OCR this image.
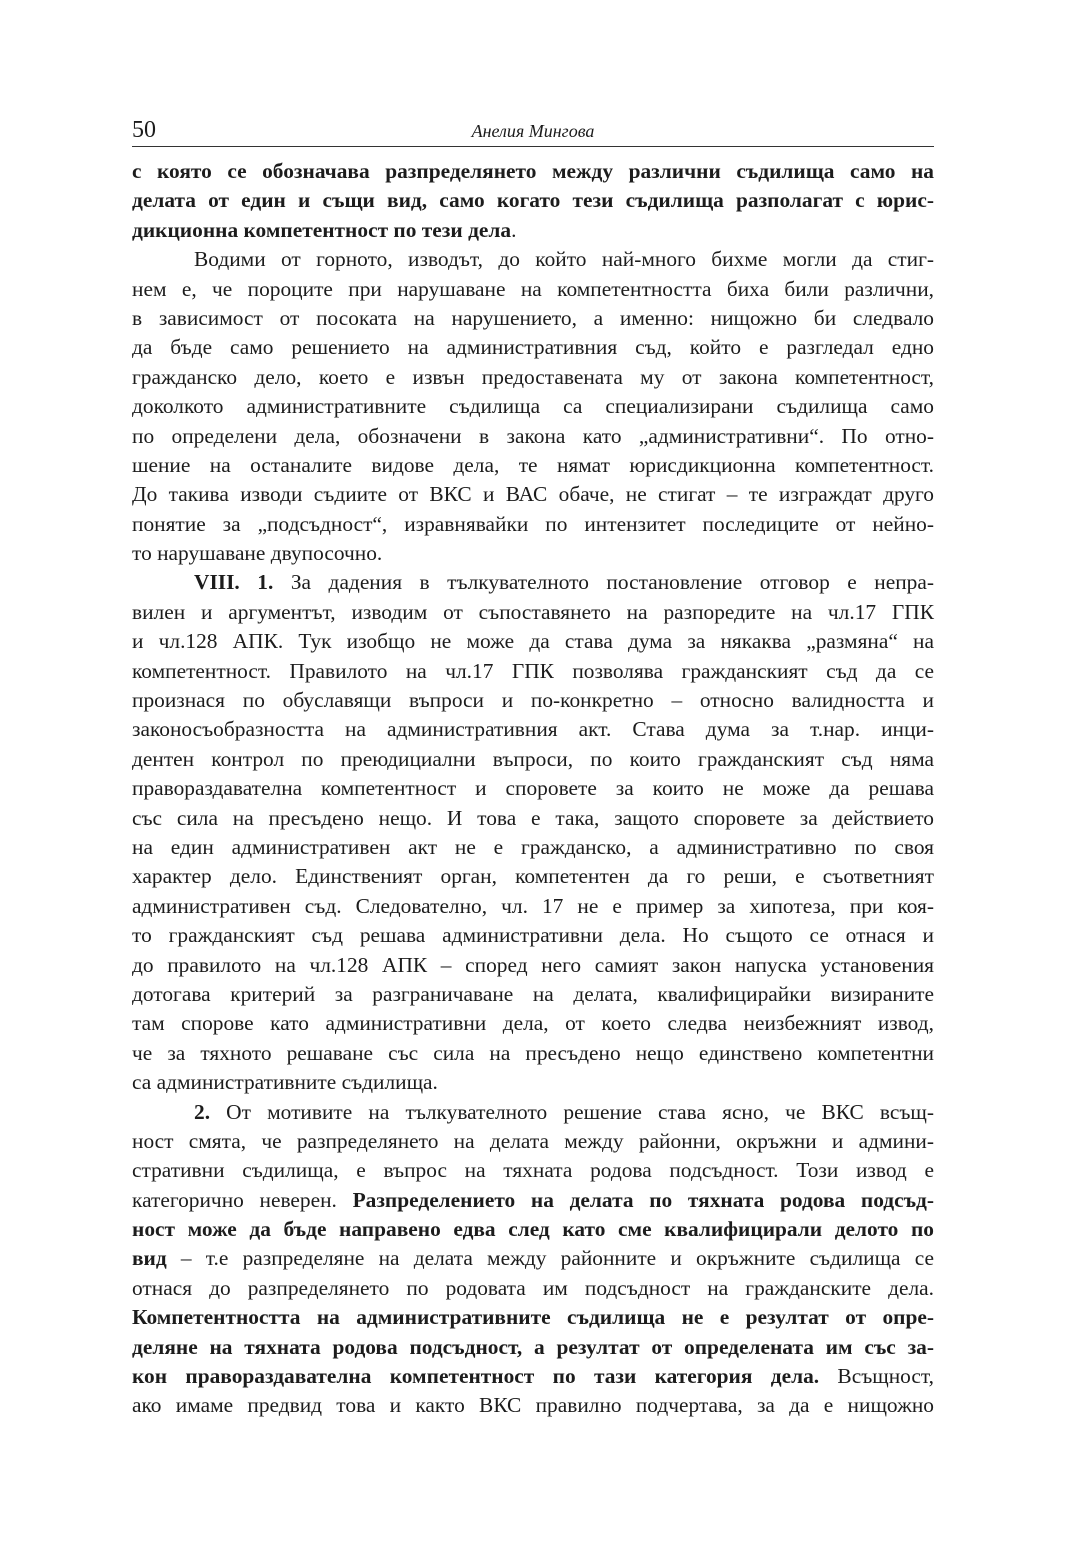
50	Анелия Мингова
с която се обозначава разпределянето между различни съдилища само на
делата от един и същи вид, само когато тези съдилища разполагат с юрис-
дикционна компетентност по тези дела.
Водими от горното, изводът, до който най-много бихме могли да стиг-
нем е, че пороците при нарушаване на компетентността биха били различни,
в зависимост от посоката на нарушението, а именно: нищожно би следвало
да бъде само решението на административния съд, който е разгледал едно
гражданско дело, което е извън предоставената му от закона компетентност,
доколкото административните съдилища са специализирани съдилища само
по определени дела, обозначени в закона като „административни“. По отно-
шение на останалите видове дела, те нямат юрисдикционна компетентност.
До такива изводи съдиите от ВКС и ВАС обаче, не стигат – те изграждат друго
понятие за „подсъдност“, изравнявайки по интензитет последиците от нейно-
то нарушаване двупосочно.
VIII. 1. За дадения в тълкувателното постановление отговор е непра-
вилен и аргументът, изводим от съпоставянето на разпоредите на чл.17 ГПК
и чл.128 АПК. Тук изобщо не може да става дума за някаква „размяна“ на
компетентност. Правилото на чл.17 ГПК позволява гражданският съд да се
произнася по обуславящи въпроси и по-конкретно – относно валидността и
законосъобразността на административния акт. Става дума за т.нар. инци-
дентен контрол по преюдициални въпроси, по които гражданският съд няма
правораздавателна компетентност и споровете за които не може да решава
със сила на пресъдено нещо. И това е така, защото споровете за действието
на един административен акт не е гражданско, а административно по своя
характер дело. Единственият орган, компетентен да го реши, е съответният
административен съд. Следователно, чл. 17 не е пример за хипотеза, при коя-
то гражданският съд решава административни дела. Но същото се отнася и
до правилото на чл.128 АПК – според него самият закон напуска установения
дотогава критерий за разграничаване на делата, квалифицирайки визираните
там спорове като административни дела, от което следва неизбежният извод,
че за тяхното решаване със сила на пресъдено нещо единствено компетентни
са административните съдилища.
2. От мотивите на тълкувателното решение става ясно, че ВКС всъщ-
ност смята, че разпределянето на делата между районни, окръжни и админи-
стративни съдилища, е въпрос на тяхната родова подсъдност. Този извод е
категорично неверен. Разпределението на делата по тяхната родова подсъд-
ност може да бъде направено едва след като сме квалифицирали делото по
вид – т.е разпределяне на делата между районните и окръжните съдилища се
отнася до разпределянето по родовата им подсъдност на гражданските дела.
Компетентността на административните съдилища не е резултат от опре-
деляне на тяхната родова подсъдност, а резултат от определената им със за-
кон правораздавателна компетентност по тази категория дела. Всъщност,
ако имаме предвид това и както ВКС правилно подчертава, за да е нищожно
